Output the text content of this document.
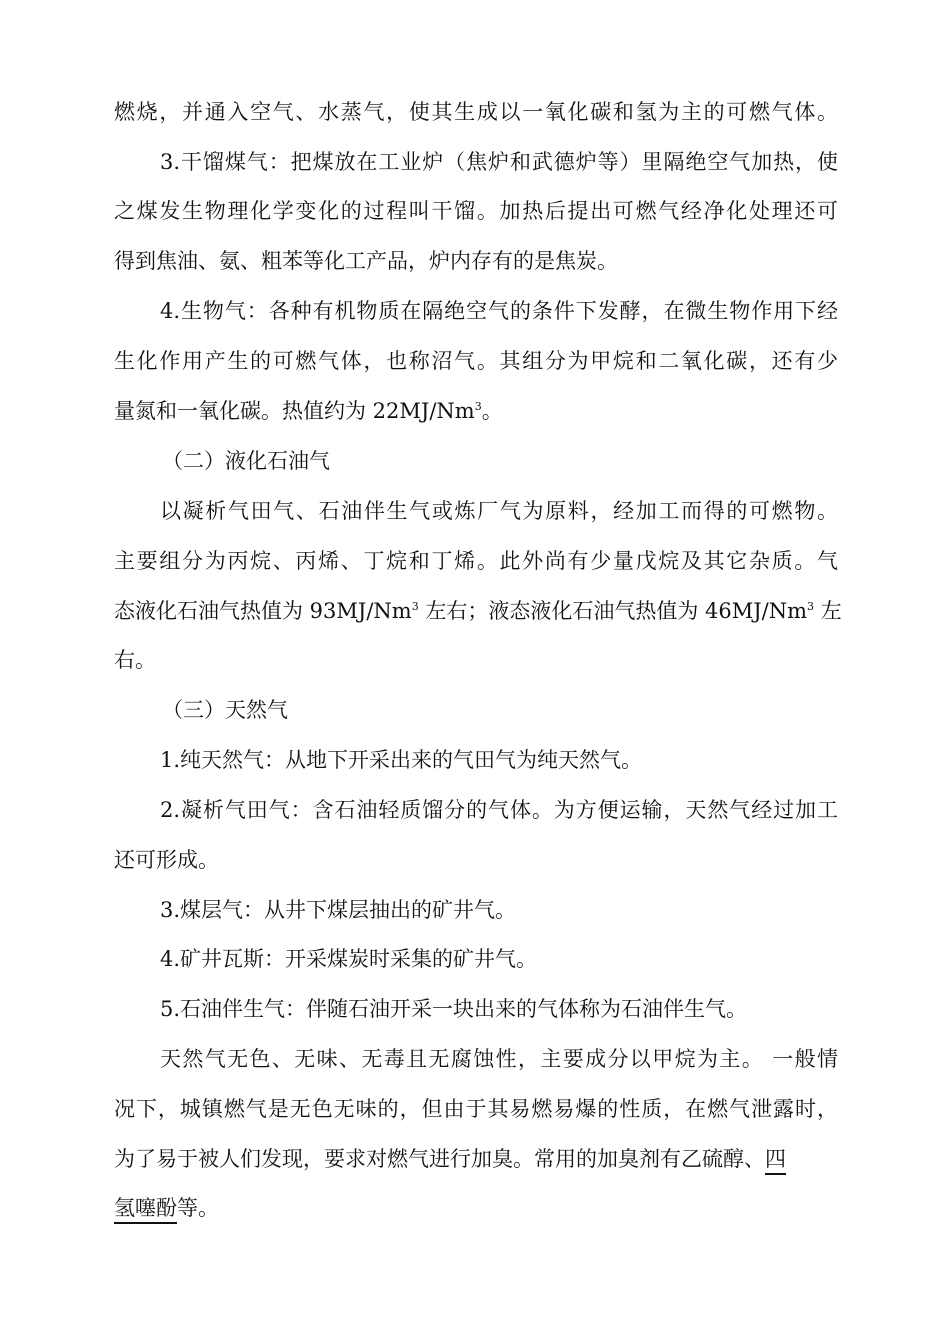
燃烧，并通入空气、水蒸气，使其生成以一氧化碳和氢为主的可燃气体。
3.干馏煤气：把煤放在工业炉（焦炉和武德炉等）里隔绝空气加热，使
之煤发生物理化学变化的过程叫干馏。加热后提出可燃气经净化处理还可
得到焦油、氨、粗苯等化工产品，炉内存有的是焦炭。
4.生物气：各种有机物质在隔绝空气的条件下发酵，在微生物作用下经
生化作用产生的可燃气体，也称沼气。其组分为甲烷和二氧化碳，还有少
量氮和一氧化碳。热值约为 22MJ/Nm$^3$。
（二）液化石油气
以凝析气田气、石油伴生气或炼厂气为原料，经加工而得的可燃物。
主要组分为丙烷、丙烯、丁烷和丁烯。此外尚有少量戊烷及其它杂质。气
态液化石油气热值为 93MJ/Nm$^3$ 左右；液态液化石油气热值为 46MJ/Nm$^3$ 左
右。
（三）天然气
1.纯天然气：从地下开采出来的气田气为纯天然气。
2.凝析气田气：含石油轻质馏分的气体。为方便运输，天然气经过加工
还可形成。
3.煤层气：从井下煤层抽出的矿井气。
4.矿井瓦斯：开采煤炭时采集的矿井气。
5.石油伴生气：伴随石油开采一块出来的气体称为石油伴生气。
天然气无色、无味、无毒且无腐蚀性，主要成分以甲烷为主。 一般情
况下，城镇燃气是无色无味的，但由于其易燃易爆的性质，在燃气泄露时，
为了易于被人们发现，要求对燃气进行加臭。常用的加臭剂有乙硫醇、四
氢噻酚等。
